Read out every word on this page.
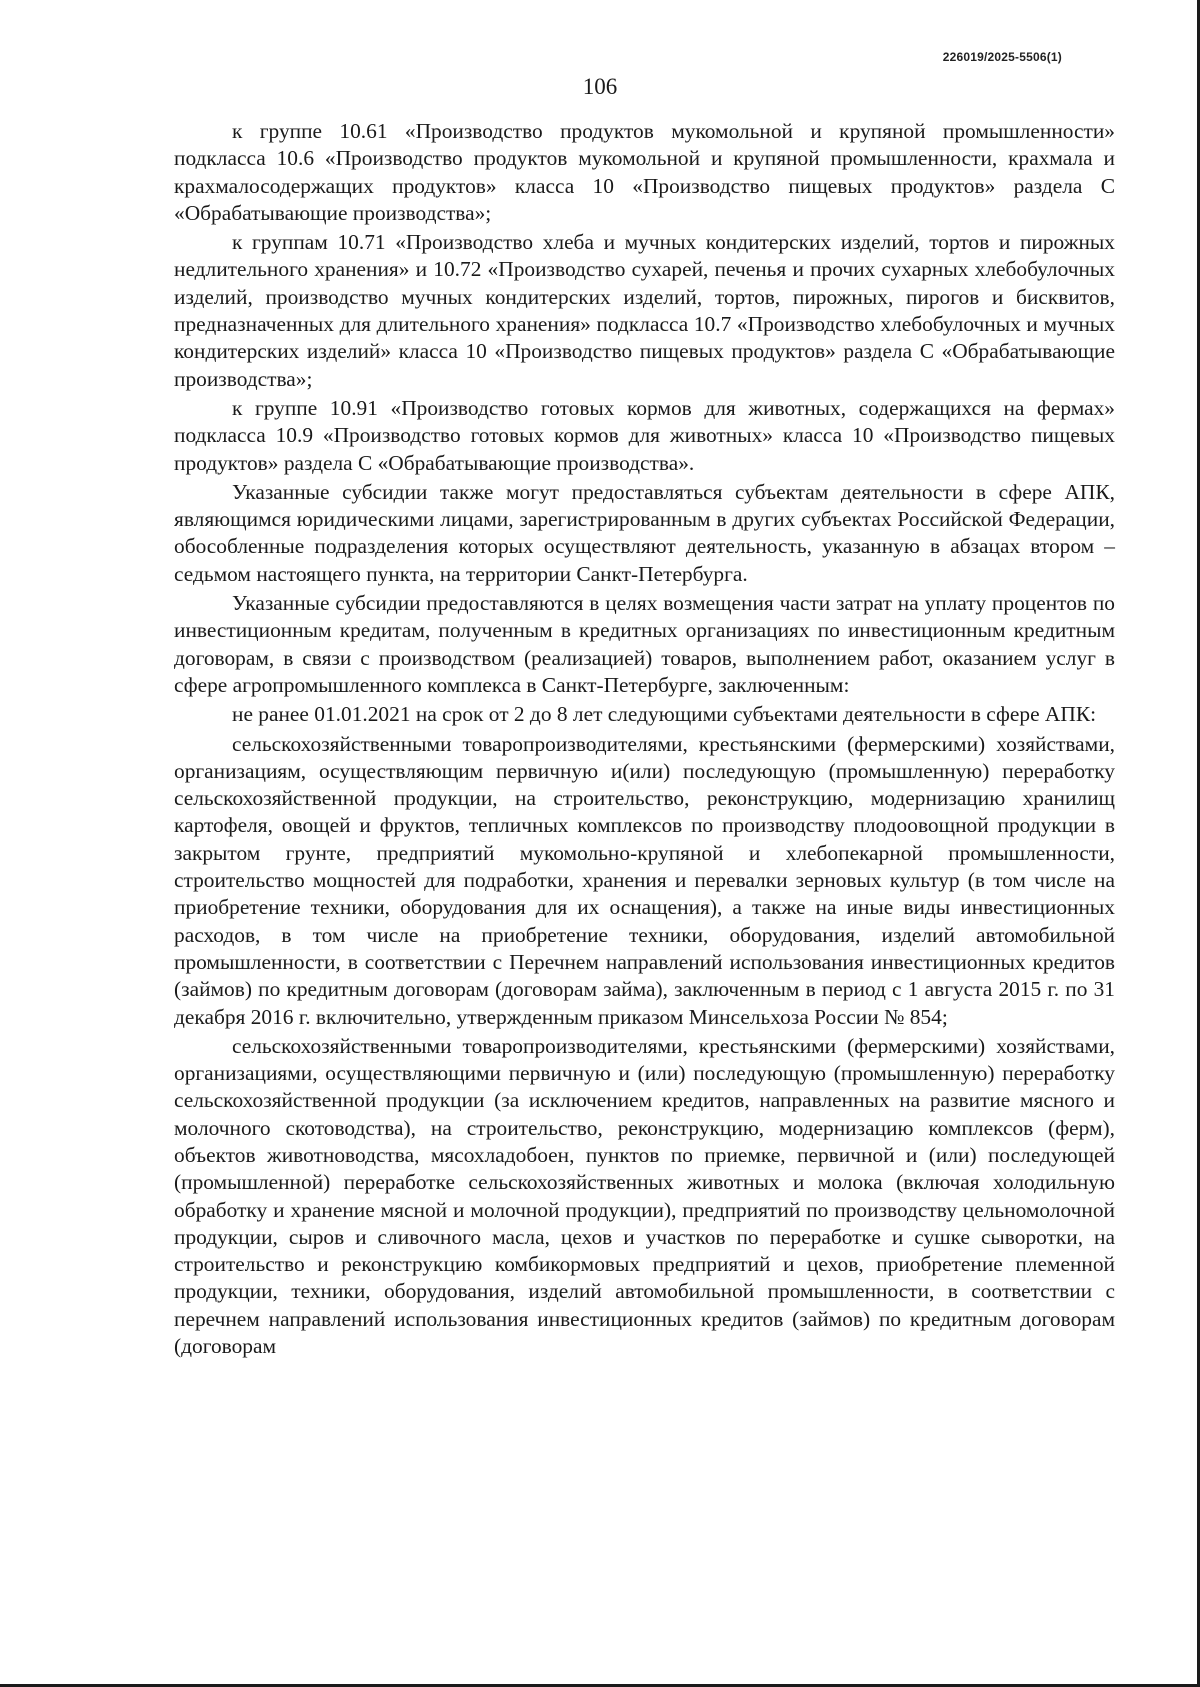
226019/2025-5506(1)
106

к группе 10.61 «Производство продуктов мукомольной и крупяной промышленности» подкласса 10.6 «Производство продуктов мукомольной и крупяной промышленности, крахмала и крахмалосодержащих продуктов» класса 10 «Производство пищевых продуктов» раздела С «Обрабатывающие производства»;

к группам 10.71 «Производство хлеба и мучных кондитерских изделий, тортов и пирожных недлительного хранения» и 10.72 «Производство сухарей, печенья и прочих сухарных хлебобулочных изделий, производство мучных кондитерских изделий, тортов, пирожных, пирогов и бисквитов, предназначенных для длительного хранения» подкласса 10.7 «Производство хлебобулочных и мучных кондитерских изделий» класса 10 «Производство пищевых продуктов» раздела С «Обрабатывающие производства»;

к группе 10.91 «Производство готовых кормов для животных, содержащихся на фермах» подкласса 10.9 «Производство готовых кормов для животных» класса 10 «Производство пищевых продуктов» раздела С «Обрабатывающие производства».

Указанные субсидии также могут предоставляться субъектам деятельности в сфере АПК, являющимся юридическими лицами, зарегистрированным в других субъектах Российской Федерации, обособленные подразделения которых осуществляют деятельность, указанную в абзацах втором – седьмом настоящего пункта, на территории Санкт-Петербурга.

Указанные субсидии предоставляются в целях возмещения части затрат на уплату процентов по инвестиционным кредитам, полученным в кредитных организациях по инвестиционным кредитным договорам, в связи с производством (реализацией) товаров, выполнением работ, оказанием услуг в сфере агропромышленного комплекса в Санкт-Петербурге, заключенным:

не ранее 01.01.2021 на срок от 2 до 8 лет следующими субъектами деятельности в сфере АПК:

сельскохозяйственными товаропроизводителями, крестьянскими (фермерскими) хозяйствами, организациям, осуществляющим первичную и(или) последующую (промышленную) переработку сельскохозяйственной продукции, на строительство, реконструкцию, модернизацию хранилищ картофеля, овощей и фруктов, тепличных комплексов по производству плодоовощной продукции в закрытом грунте, предприятий мукомольно-крупяной и хлебопекарной промышленности, строительство мощностей для подработки, хранения и перевалки зерновых культур (в том числе на приобретение техники, оборудования для их оснащения), а также на иные виды инвестиционных расходов, в том числе на приобретение техники, оборудования, изделий автомобильной промышленности, в соответствии с Перечнем направлений использования инвестиционных кредитов (займов) по кредитным договорам (договорам займа), заключенным в период с 1 августа 2015 г. по 31 декабря 2016 г. включительно, утвержденным приказом Минсельхоза России № 854;

сельскохозяйственными товаропроизводителями, крестьянскими (фермерскими) хозяйствами, организациями, осуществляющими первичную и (или) последующую (промышленную) переработку сельскохозяйственной продукции (за исключением кредитов, направленных на развитие мясного и молочного скотоводства), на строительство, реконструкцию, модернизацию комплексов (ферм), объектов животноводства, мясохладобоен, пунктов по приемке, первичной и (или) последующей (промышленной) переработке сельскохозяйственных животных и молока (включая холодильную обработку и хранение мясной и молочной продукции), предприятий по производству цельномолочной продукции, сыров и сливочного масла, цехов и участков по переработке и сушке сыворотки, на строительство и реконструкцию комбикормовых предприятий и цехов, приобретение племенной продукции, техники, оборудования, изделий автомобильной промышленности, в соответствии с перечнем направлений использования инвестиционных кредитов (займов) по кредитным договорам (договорам
